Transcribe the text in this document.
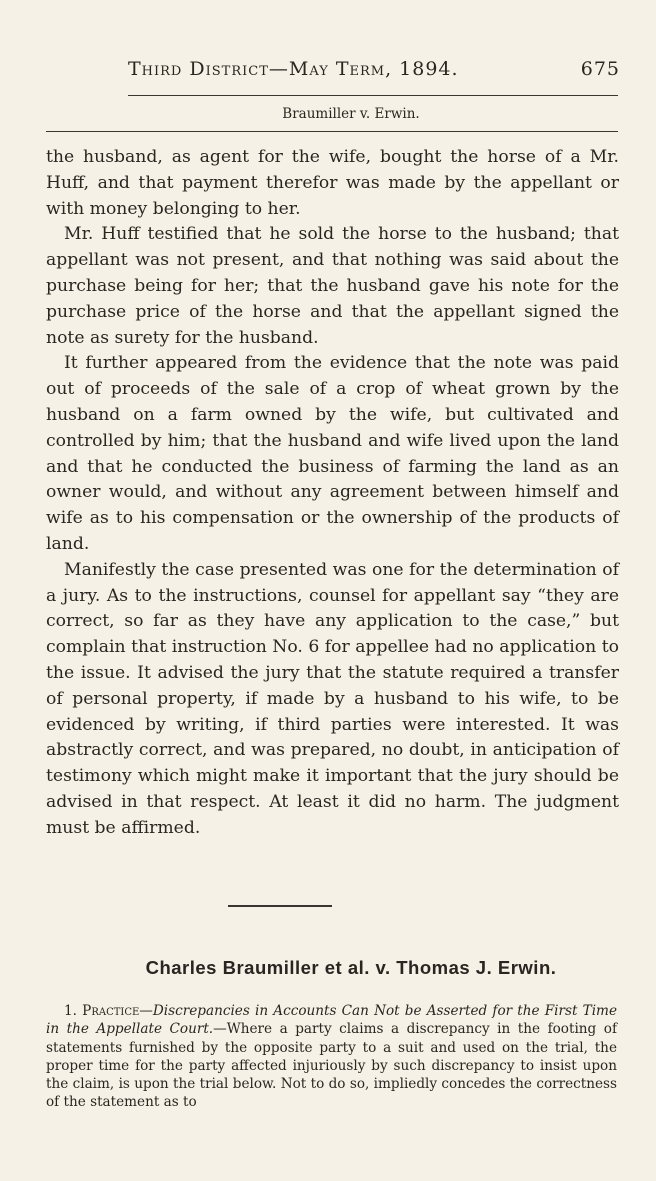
Third District—May Term, 1894.	675
Braumiller v. Erwin.

the husband, as agent for the wife, bought the horse of a Mr. Huff, and that payment therefor was made by the appellant or with money belonging to her.

Mr. Huff testified that he sold the horse to the husband; that appellant was not present, and that nothing was said about the purchase being for her; that the husband gave his note for the purchase price of the horse and that the appellant signed the note as surety for the husband.

It further appeared from the evidence that the note was paid out of proceeds of the sale of a crop of wheat grown by the husband on a farm owned by the wife, but cultivated and controlled by him; that the husband and wife lived upon the land and that he conducted the business of farming the land as an owner would, and without any agreement between himself and wife as to his compensation or the ownership of the products of land.

Manifestly the case presented was one for the determination of a jury. As to the instructions, counsel for appellant say “they are correct, so far as they have any application to the case,” but complain that instruction No. 6 for appellee had no application to the issue. It advised the jury that the statute required a transfer of personal property, if made by a husband to his wife, to be evidenced by writing, if third parties were interested. It was abstractly correct, and was prepared, no doubt, in anticipation of testimony which might make it important that the jury should be advised in that respect. At least it did no harm. The judgment must be affirmed.

Charles Braumiller et al. v. Thomas J. Erwin.

1. Practice—Discrepancies in Accounts Can Not be Asserted for the First Time in the Appellate Court.—Where a party claims a discrepancy in the footing of statements furnished by the opposite party to a suit and used on the trial, the proper time for the party affected injuriously by such discrepancy to insist upon the claim, is upon the trial below. Not to do so, impliedly concedes the correctness of the statement as to
